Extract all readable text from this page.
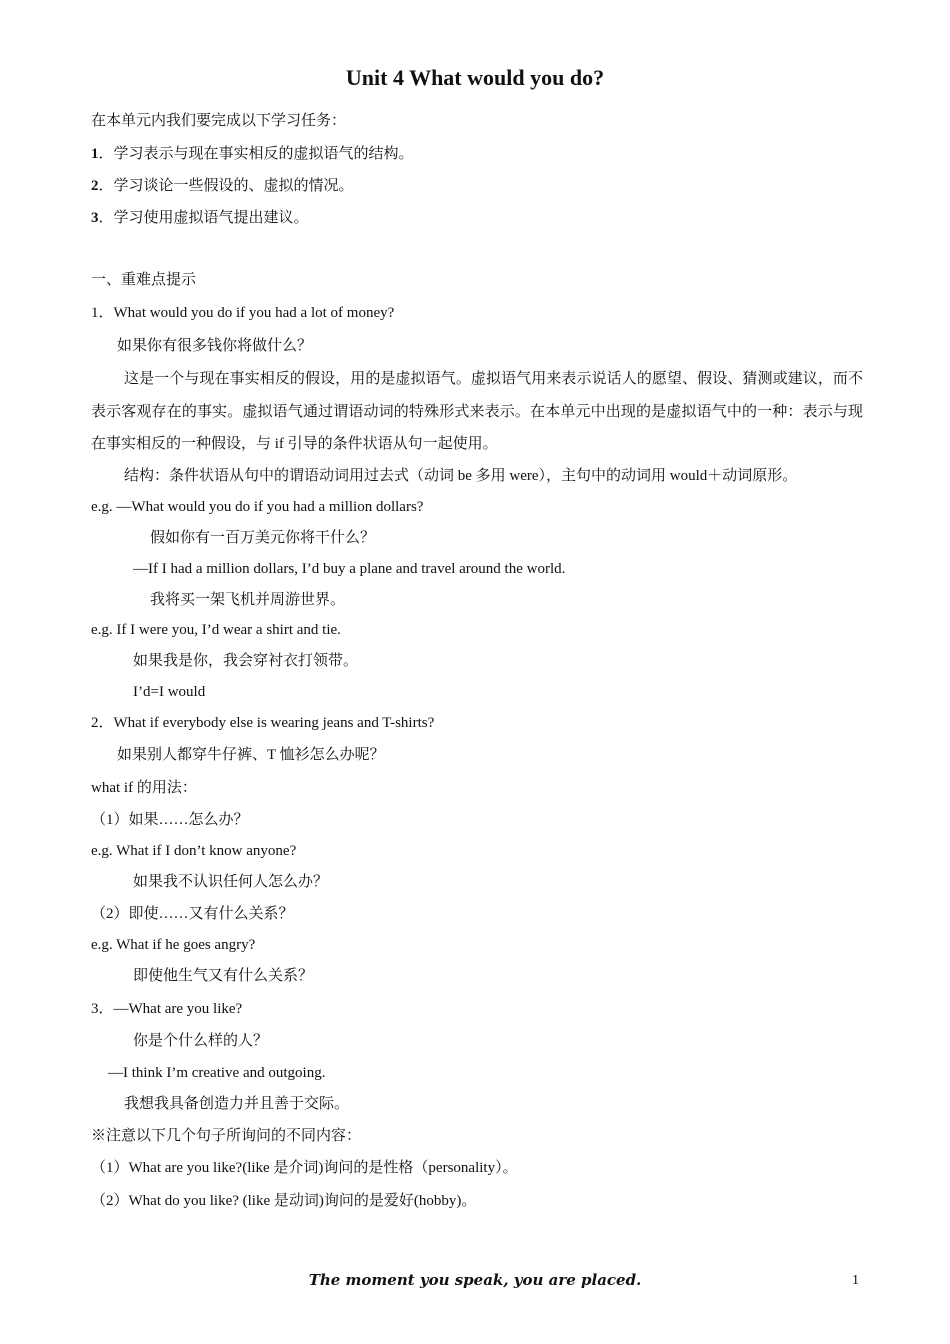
Unit 4 What would you do?
在本单元内我们要完成以下学习任务：
1．学习表示与现在事实相反的虚拟语气的结构。
2．学习谈论一些假设的、虚拟的情况。
3．学习使用虚拟语气提出建议。
一、重难点提示
1．What would you do if you had a lot of money?
如果你有很多钱你将做什么？
这是一个与现在事实相反的假设，用的是虚拟语气。虚拟语气用来表示说话人的愿望、假设、猜测或建议，而不表示客观存在的事实。虚拟语气通过谓语动词的特殊形式来表示。在本单元中出现的是虚拟语气中的一种：表示与现在事实相反的一种假设，与 if 引导的条件状语从句一起使用。
结构：条件状语从句中的谓语动词用过去式（动词 be 多用 were），主句中的动词用 would＋动词原形。
e.g. —What would you do if you had a million dollars?
假如你有一百万美元你将干什么？
—If I had a million dollars, I’d buy a plane and travel around the world.
我将买一架飞机并周游世界。
e.g. If I were you, I’d wear a shirt and tie.
如果我是你，我会穿衬衣打领带。
I’d=I would
2．What if everybody else is wearing jeans and T-shirts?
如果别人都穿牛仔裤、T 恤衫怎么办呢？
what if 的用法：
（1）如果……怎么办？
e.g. What if I don’t know anyone?
如果我不认识任何人怎么办？
（2）即使……又有什么关系？
e.g. What if he goes angry?
即使他生气又有什么关系？
3．—What are you like?
你是个什么样的人？
—I think I’m creative and outgoing.
我想我具备创造力并且善于交际。
※注意以下几个句子所询问的不同内容：
（1）What are you like?(like 是介词)询问的是性格（personality）。
（2）What do you like? (like 是动词)询问的是爱好(hobby)。
The moment you speak, you are placed.	1
